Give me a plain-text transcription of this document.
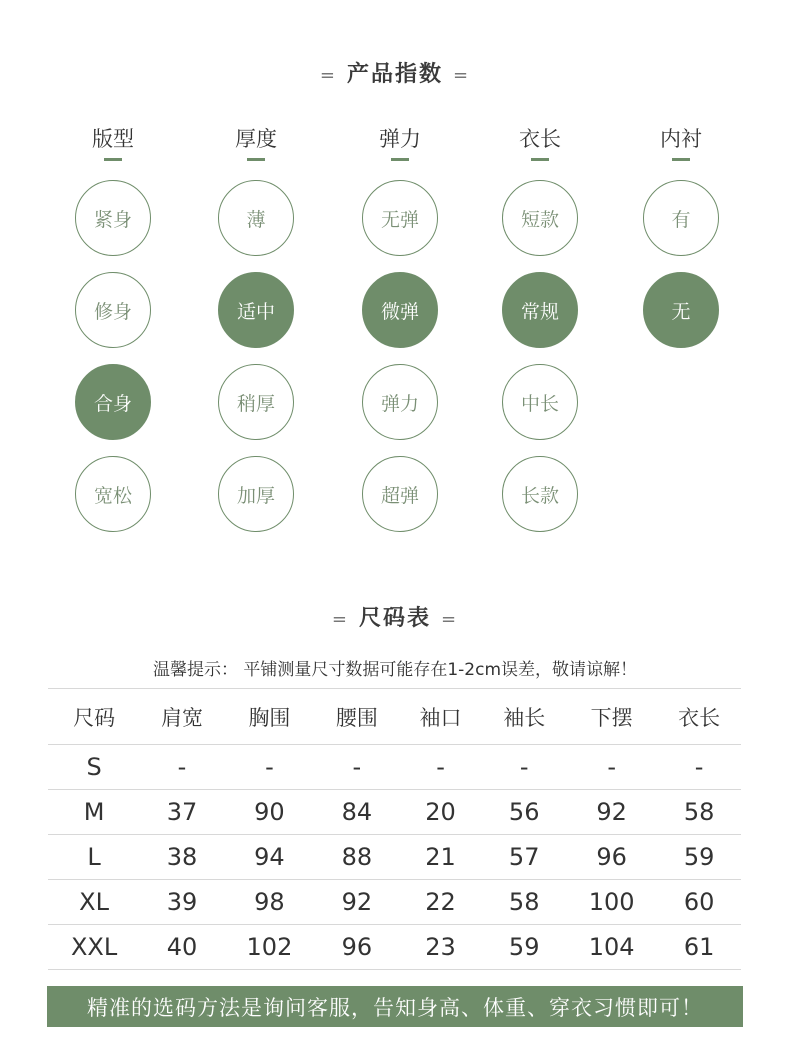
= 产品指数 =
版型
紧身
修身
合身
宽松
厚度
薄
适中
稍厚
加厚
弹力
无弹
微弹
弹力
超弹
衣长
短款
常规
中长
长款
内衬
有
无
= 尺码表 =
温馨提示： 平铺测量尺寸数据可能存在1-2cm误差，敬请谅解！
尺码	肩宽	胸围	腰围	袖口	袖长	下摆	衣长
S	-	-	-	-	-	-	-
M	37	90	84	20	56	92	58
L	38	94	88	21	57	96	59
XL	39	98	92	22	58	100	60
XXL	40	102	96	23	59	104	61
精准的选码方法是询问客服，告知身高、体重、穿衣习惯即可！
